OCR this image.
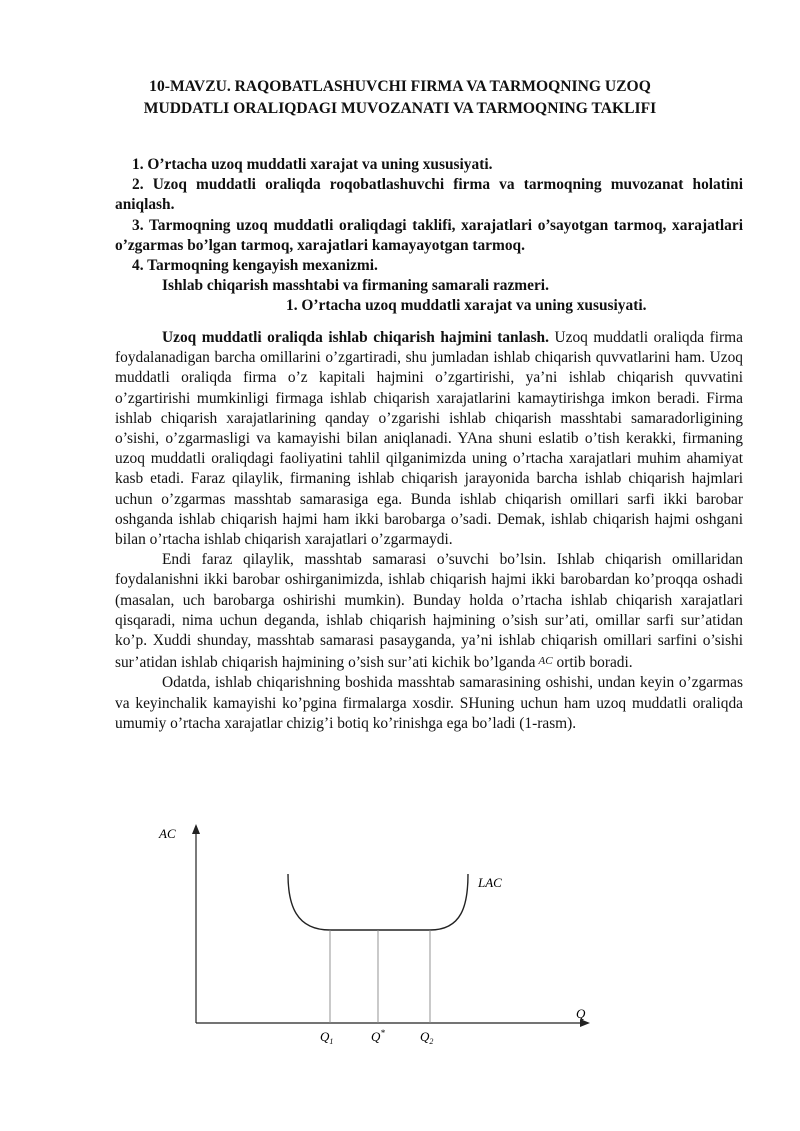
10-MAVZU. RAQOBATLASHUVCHI FIRMA VA TARMOQNING UZOQ
MUDDATLI ORALIQDAGI MUVOZANATI VA TARMOQNING TAKLIFI

1. O’rtacha uzoq muddatli xarajat va uning xususiyati.

2. Uzoq muddatli oraliqda roqobatlashuvchi firma va tarmoqning muvozanat holatini aniqlash.

3. Tarmoqning uzoq muddatli oraliqdagi taklifi, xarajatlari o’sayotgan tarmoq, xarajatlari o’zgarmas bo’lgan tarmoq, xarajatlari kamayayotgan tarmoq.

4. Tarmoqning kengayish mexanizmi.

Ishlab chiqarish masshtabi va firmaning samarali razmeri.

1. O’rtacha uzoq muddatli xarajat va uning xususiyati.

Uzoq muddatli oraliqda ishlab chiqarish hajmini tanlash. Uzoq muddatli oraliqda firma foydalanadigan barcha omillarini o’zgartiradi, shu jumladan ishlab chiqarish quvvatlarini ham. Uzoq muddatli oraliqda firma o’z kapitali hajmini o’zgartirishi, ya’ni ishlab chiqarish quvvatini o’zgartirishi mumkinligi firmaga ishlab chiqarish xarajatlarini kamaytirishga imkon beradi. Firma ishlab chiqarish xarajatlarining qanday o’zgarishi ishlab chiqarish masshtabi samaradorligining o’sishi, o’zgarmasligi va kamayishi bilan aniqlanadi. YAna shuni eslatib o’tish kerakki, firmaning uzoq muddatli oraliqdagi faoliyatini tahlil qilganimizda uning o’rtacha xarajatlari muhim ahamiyat kasb etadi. Faraz qilaylik, firmaning ishlab chiqarish jarayonida barcha ishlab chiqarish hajmlari uchun o’zgarmas masshtab samarasiga ega. Bunda ishlab chiqarish omillari sarfi ikki barobar oshganda ishlab chiqarish hajmi ham ikki barobarga o’sadi. Demak, ishlab chiqarish hajmi oshgani bilan o’rtacha ishlab chiqarish xarajatlari o’zgarmaydi.

Endi faraz qilaylik, masshtab samarasi o’suvchi bo’lsin. Ishlab chiqarish omillaridan foydalanishni ikki barobar oshirganimizda, ishlab chiqarish hajmi ikki barobardan ko’proqqa oshadi (masalan, uch barobarga oshirishi mumkin). Bunday holda o’rtacha ishlab chiqarish xarajatlari qisqaradi, nima uchun deganda, ishlab chiqarish hajmining o’sish sur’ati, omillar sarfi sur’atidan ko’p. Xuddi shunday, masshtab samarasi pasayganda, ya’ni ishlab chiqarish omillari sarfini o’sishi sur’atidan ishlab chiqarish hajmining o’sish sur’ati kichik bo’lganda AC ortib boradi.

Odatda, ishlab chiqarishning boshida masshtab samarasining oshishi, undan keyin o’zgarmas va keyinchalik kamayishi ko’pgina firmalarga xosdir. SHuning uchun ham uzoq muddatli oraliqda umumiy o’rtacha xarajatlar chizig’i botiq ko’rinishga ega bo’ladi (1-rasm).

AC
Q
LAC
$Q_1$	Q*	$Q_2$
